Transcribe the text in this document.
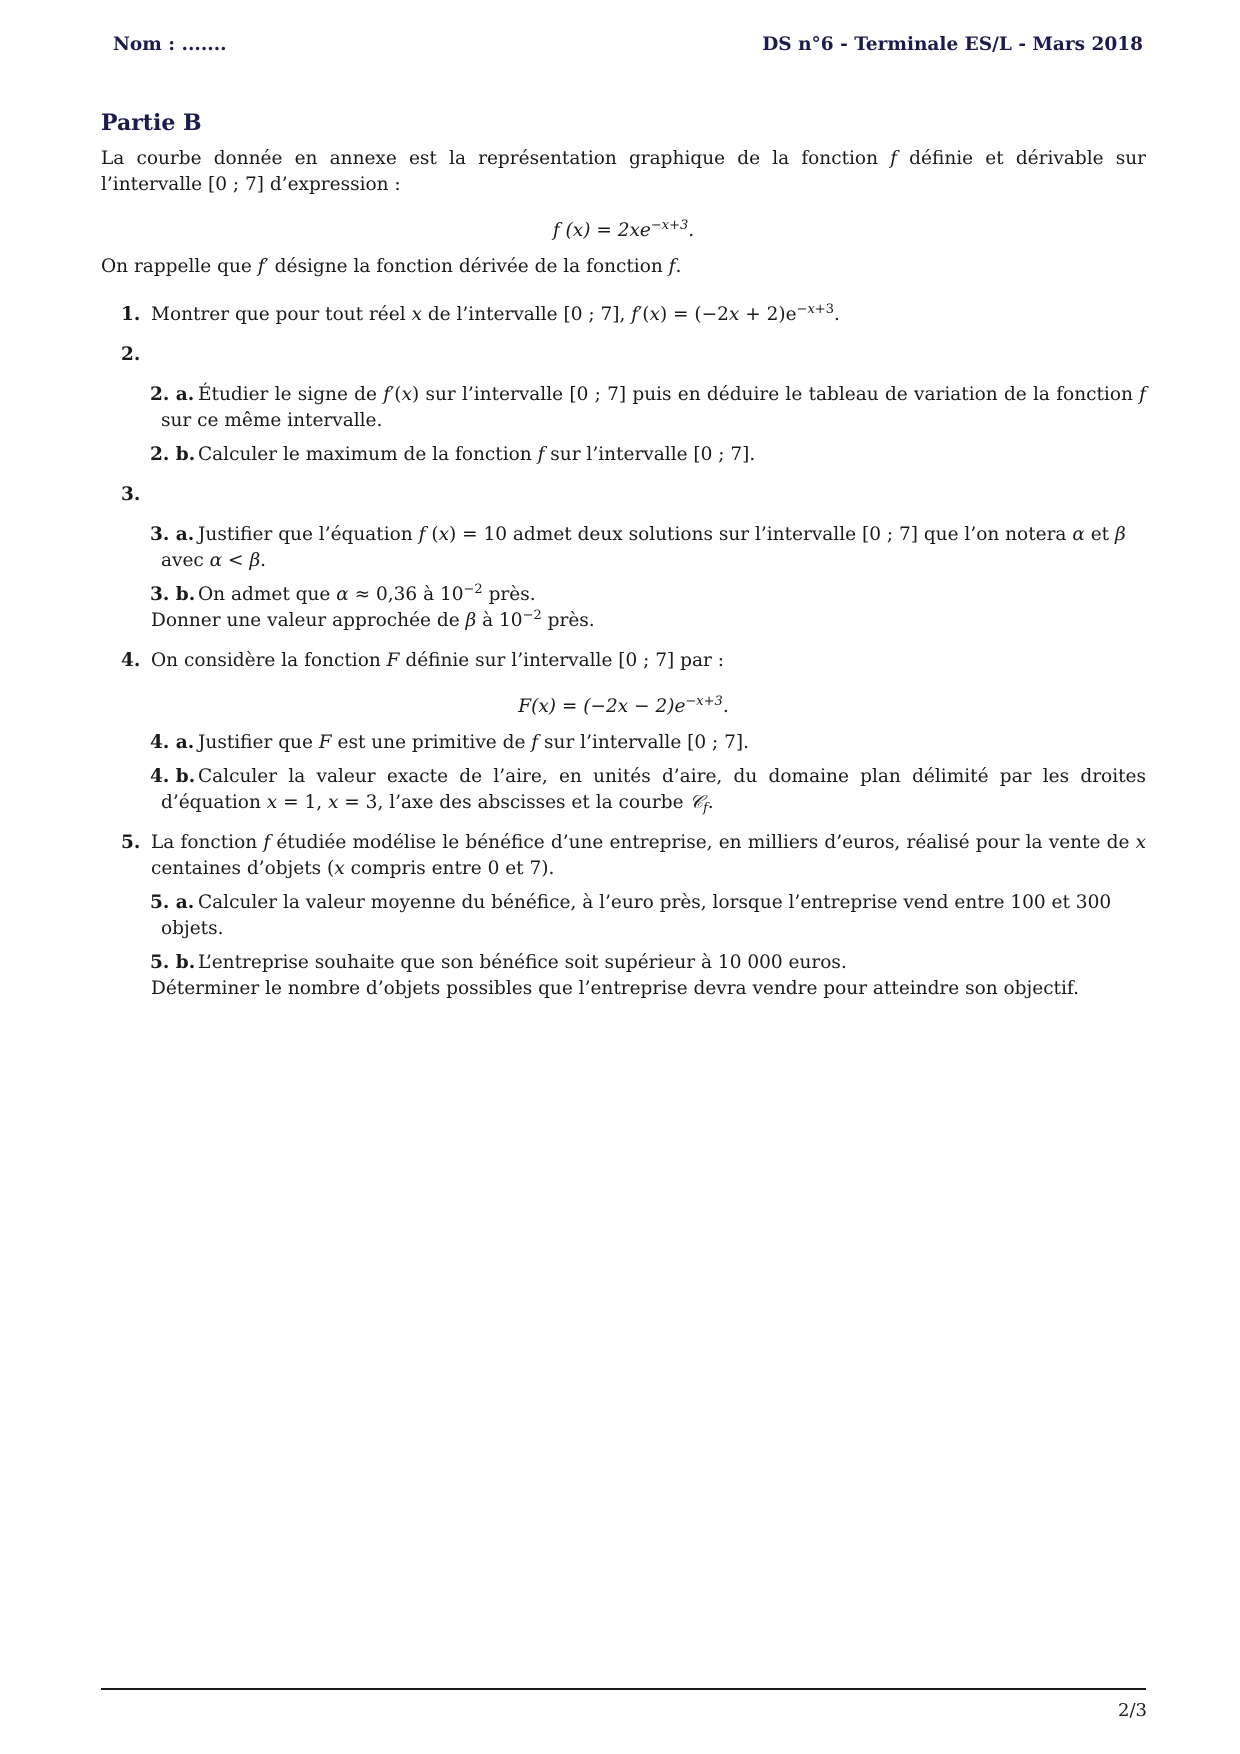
Nom : .......	DS n°6 - Terminale ES/L - Mars 2018
Partie B

La courbe donnée en annexe est la représentation graphique de la fonction f définie et dérivable sur l’intervalle [0 ; 7] d’expression :

f $(x) = 2xe^{-x+3}$.

On rappelle que f′ désigne la fonction dérivée de la fonction f.

1. Montrer que pour tout réel x de l’intervalle [0 ; 7], $f'(x) = (-2x + 2)e^{-x+3}$.
2.

2. a. Étudier le signe de f′(x) sur l’intervalle [0 ; 7] puis en déduire le tableau de variation de la fonction f sur ce même intervalle.
2. b. Calculer le maximum de la fonction f sur l’intervalle [0 ; 7].
3.

3. a. Justifier que l’équation f (x) = 10 admet deux solutions sur l’intervalle [0 ; 7] que l’on notera α et β avec α < β.
3. b. On admet que α ≈ 0,36 à $10^{-2}$ près.
Donner une valeur approchée de β à $10^{-2}$ près.
4. On considère la fonction F définie sur l’intervalle [0 ; 7] par :

$F(x) = (-2x - 2)e^{-x+3}$.

4. a. Justifier que F est une primitive de f sur l’intervalle [0 ; 7].
4. b. Calculer la valeur exacte de l’aire, en unités d’aire, du domaine plan délimité par les droites d’équation x = 1, x = 3, l’axe des abscisses et la courbe 𝒞$_f$.
5. La fonction f étudiée modélise le bénéfice d’une entreprise, en milliers d’euros, réalisé pour la vente de x centaines d’objets (x compris entre 0 et 7).
5. a. Calculer la valeur moyenne du bénéfice, à l’euro près, lorsque l’entreprise vend entre 100 et 300 objets.
5. b. L’entreprise souhaite que son bénéfice soit supérieur à 10 000 euros.
Déterminer le nombre d’objets possibles que l’entreprise devra vendre pour atteindre son objectif.
2/3
